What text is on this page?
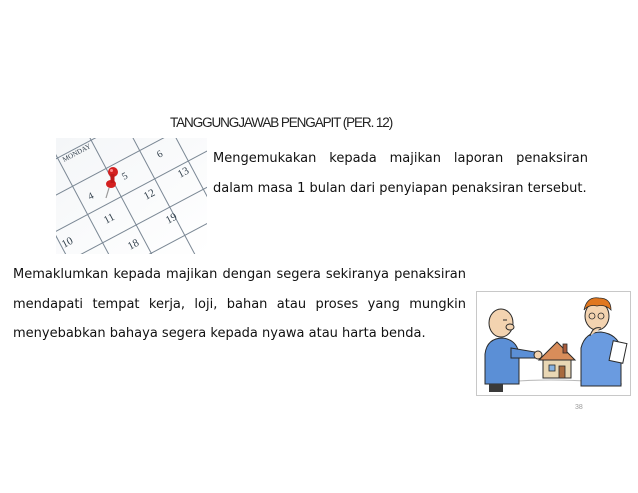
TANGGUNGJAWAB PENGAPIT (PER. 12)
MONDAY
4
5
6
10
11
12
13
18
19

Mengemukakan kepada majikan laporan penaksiran dalam masa 1 bulan dari penyiapan penaksiran tersebut.

Memaklumkan kepada majikan dengan segera sekiranya penaksiran mendapati tempat kerja, loji, bahan atau proses yang mungkin menyebabkan bahaya segera kepada nyawa atau harta benda.

38
